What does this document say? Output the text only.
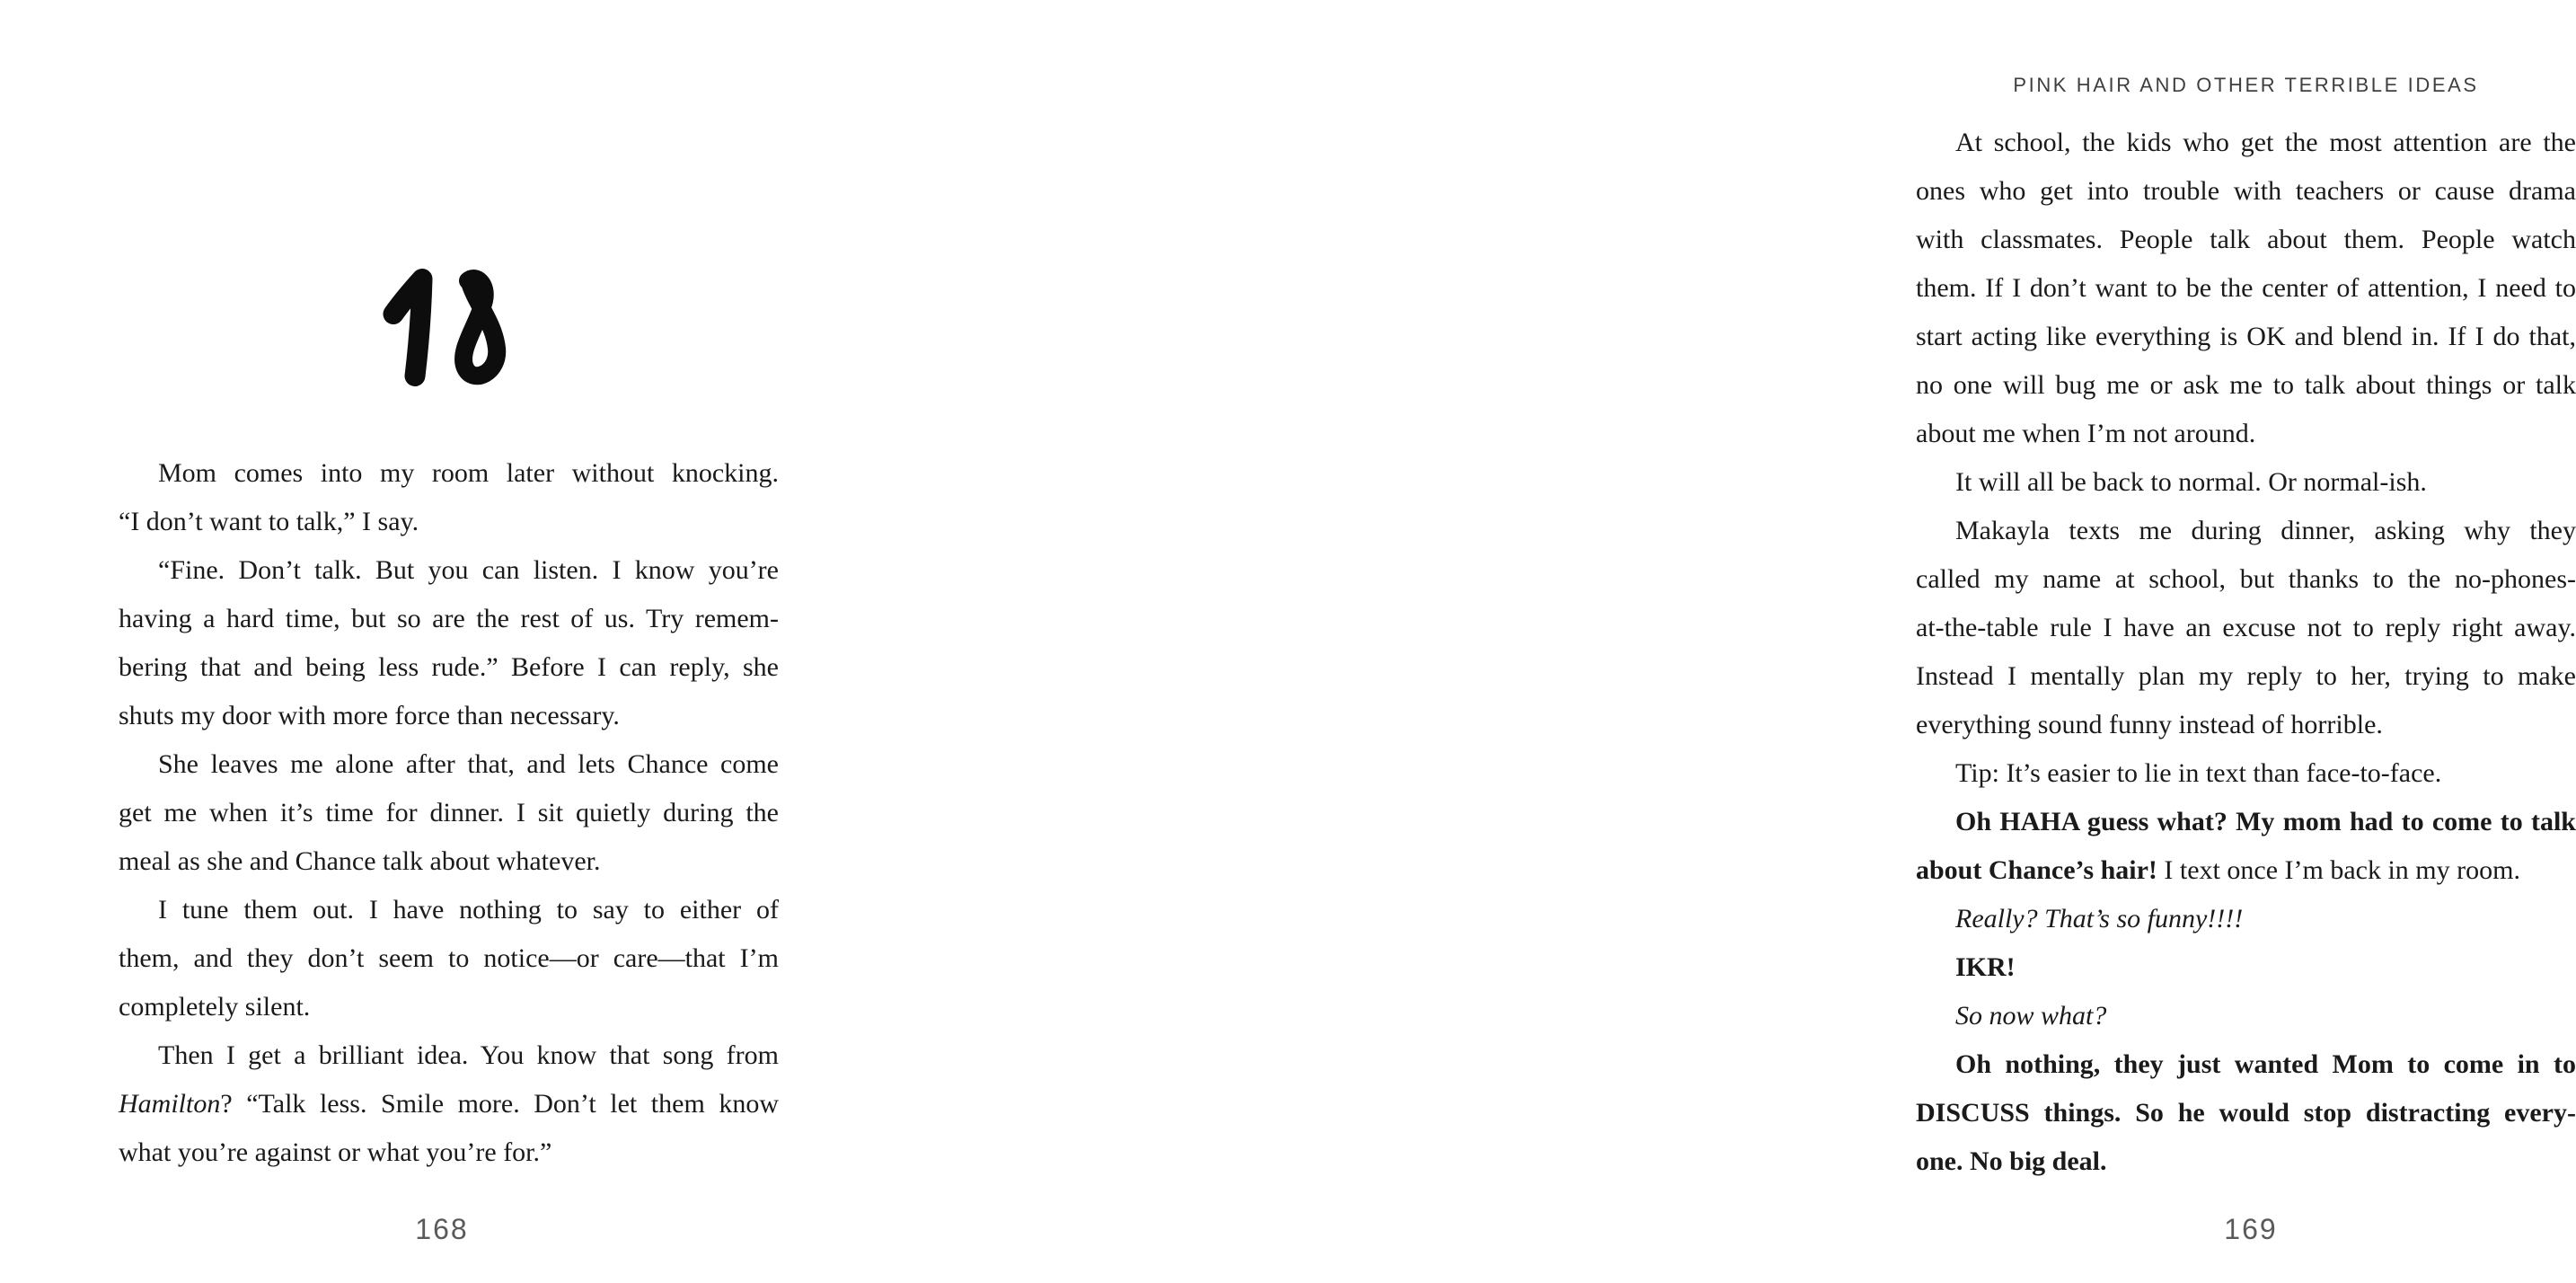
Mom comes into my room later without knocking.
“I don’t want to talk,” I say.
“Fine. Don’t talk. But you can listen. I know you’re
having a hard time, but so are the rest of us. Try remem-
bering that and being less rude.” Before I can reply, she
shuts my door with more force than necessary.
She leaves me alone after that, and lets Chance come
get me when it’s time for dinner. I sit quietly during the
meal as she and Chance talk about whatever.
I tune them out. I have nothing to say to either of
them, and they don’t seem to notice—or care—that I’m
completely silent.
Then I get a brilliant idea. You know that song from
Hamilton? “Talk less. Smile more. Don’t let them know
what you’re against or what you’re for.”
168
PINK HAIR AND OTHER TERRIBLE IDEAS
At school, the kids who get the most attention are the
ones who get into trouble with teachers or cause drama
with classmates. People talk about them. People watch
them. If I don’t want to be the center of attention, I need to
start acting like everything is OK and blend in. If I do that,
no one will bug me or ask me to talk about things or talk
about me when I’m not around.
It will all be back to normal. Or normal-ish.
Makayla texts me during dinner, asking why they
called my name at school, but thanks to the no-phones-
at-the-table rule I have an excuse not to reply right away.
Instead I mentally plan my reply to her, trying to make
everything sound funny instead of horrible.
Tip: It’s easier to lie in text than face-to-face.
Oh HAHA guess what? My mom had to come to talk
about Chance’s hair! I text once I’m back in my room.
Really? That’s so funny!!!!
IKR!
So now what?
Oh nothing, they just wanted Mom to come in to
DISCUSS things. So he would stop distracting every-
one. No big deal.
169
